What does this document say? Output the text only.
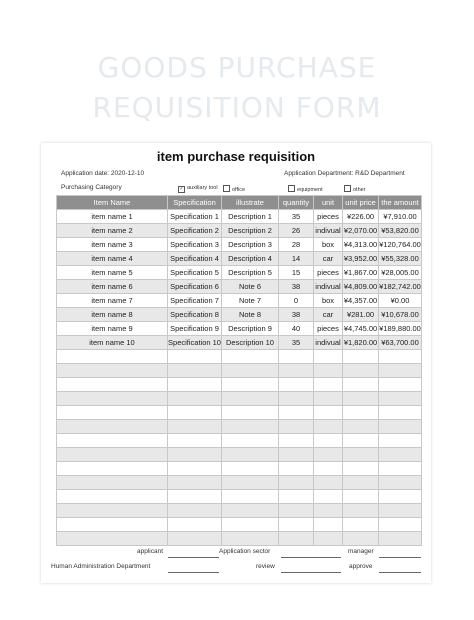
GOODS PURCHASE
REQUISITION FORM
item purchase requisition
Application date: 2020-12-10	Application Department: R&D Department
Purchasing Category	✓ auxiliary tool	office	equipment	other
Item Name	Specification	illustrate	quantity	unit	unit price	the amount
item name 1	Specification 1	Description 1	35	pieces	¥226.00	¥7,910.00
item name 2	Specification 2	Description 2	26	indivual	¥2,070.00	¥53,820.00
item name 3	Specification 3	Description 3	28	box	¥4,313.00	¥120,764.00
item name 4	Specification 4	Description 4	14	car	¥3,952.00	¥55,328.00
item name 5	Specification 5	Description 5	15	pieces	¥1,867.00	¥28,005.00
item name 6	Specification 6	Note 6	38	indivual	¥4,809.00	¥182,742.00
item name 7	Specification 7	Note 7	0	box	¥4,357.00	¥0.00
item name 8	Specification 8	Note 8	38	car	¥281.00	¥10,678.00
item name 9	Specification 9	Description 9	40	pieces	¥4,745.00	¥189,880.00
item name 10	Specification 10	Description 10	35	indivual	¥1,820.00	¥63,700.00

applicant	Application sector	manager
Human Administration Department	review	approve
